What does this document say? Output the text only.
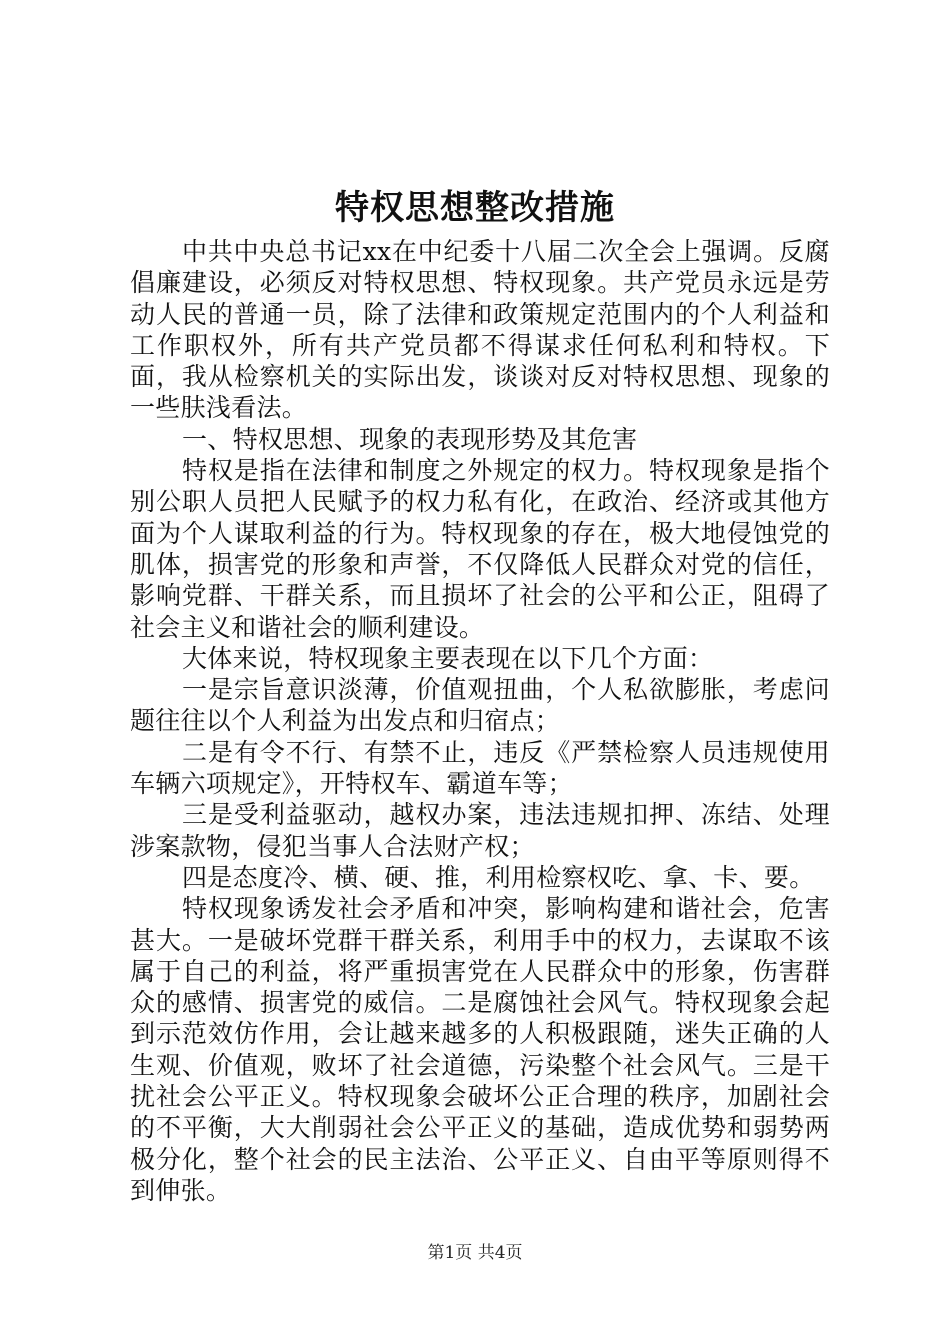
特权思想整改措施

中共中央总书记xx在中纪委十八届二次全会上强调。反腐倡廉建设，必须反对特权思想、特权现象。共产党员永远是劳动人民的普通一员，除了法律和政策规定范围内的个人利益和工作职权外，所有共产党员都不得谋求任何私利和特权。下面，我从检察机关的实际出发，谈谈对反对特权思想、现象的一些肤浅看法。

一、特权思想、现象的表现形势及其危害

特权是指在法律和制度之外规定的权力。特权现象是指个别公职人员把人民赋予的权力私有化，在政治、经济或其他方面为个人谋取利益的行为。特权现象的存在，极大地侵蚀党的肌体，损害党的形象和声誉，不仅降低人民群众对党的信任，影响党群、干群关系，而且损坏了社会的公平和公正，阻碍了社会主义和谐社会的顺利建设。

大体来说，特权现象主要表现在以下几个方面：

一是宗旨意识淡薄，价值观扭曲，个人私欲膨胀，考虑问题往往以个人利益为出发点和归宿点；

二是有令不行、有禁不止，违反《严禁检察人员违规使用车辆六项规定》，开特权车、霸道车等；

三是受利益驱动，越权办案，违法违规扣押、冻结、处理涉案款物，侵犯当事人合法财产权；

四是态度冷、横、硬、推，利用检察权吃、拿、卡、要。

特权现象诱发社会矛盾和冲突，影响构建和谐社会，危害甚大。一是破坏党群干群关系，利用手中的权力，去谋取不该属于自己的利益，将严重损害党在人民群众中的形象，伤害群众的感情、损害党的威信。二是腐蚀社会风气。特权现象会起到示范效仿作用，会让越来越多的人积极跟随，迷失正确的人生观、价值观，败坏了社会道德，污染整个社会风气。三是干扰社会公平正义。特权现象会破坏公正合理的秩序，加剧社会的不平衡，大大削弱社会公平正义的基础，造成优势和弱势两极分化，整个社会的民主法治、公平正义、自由平等原则得不到伸张。

第1页 共4页
